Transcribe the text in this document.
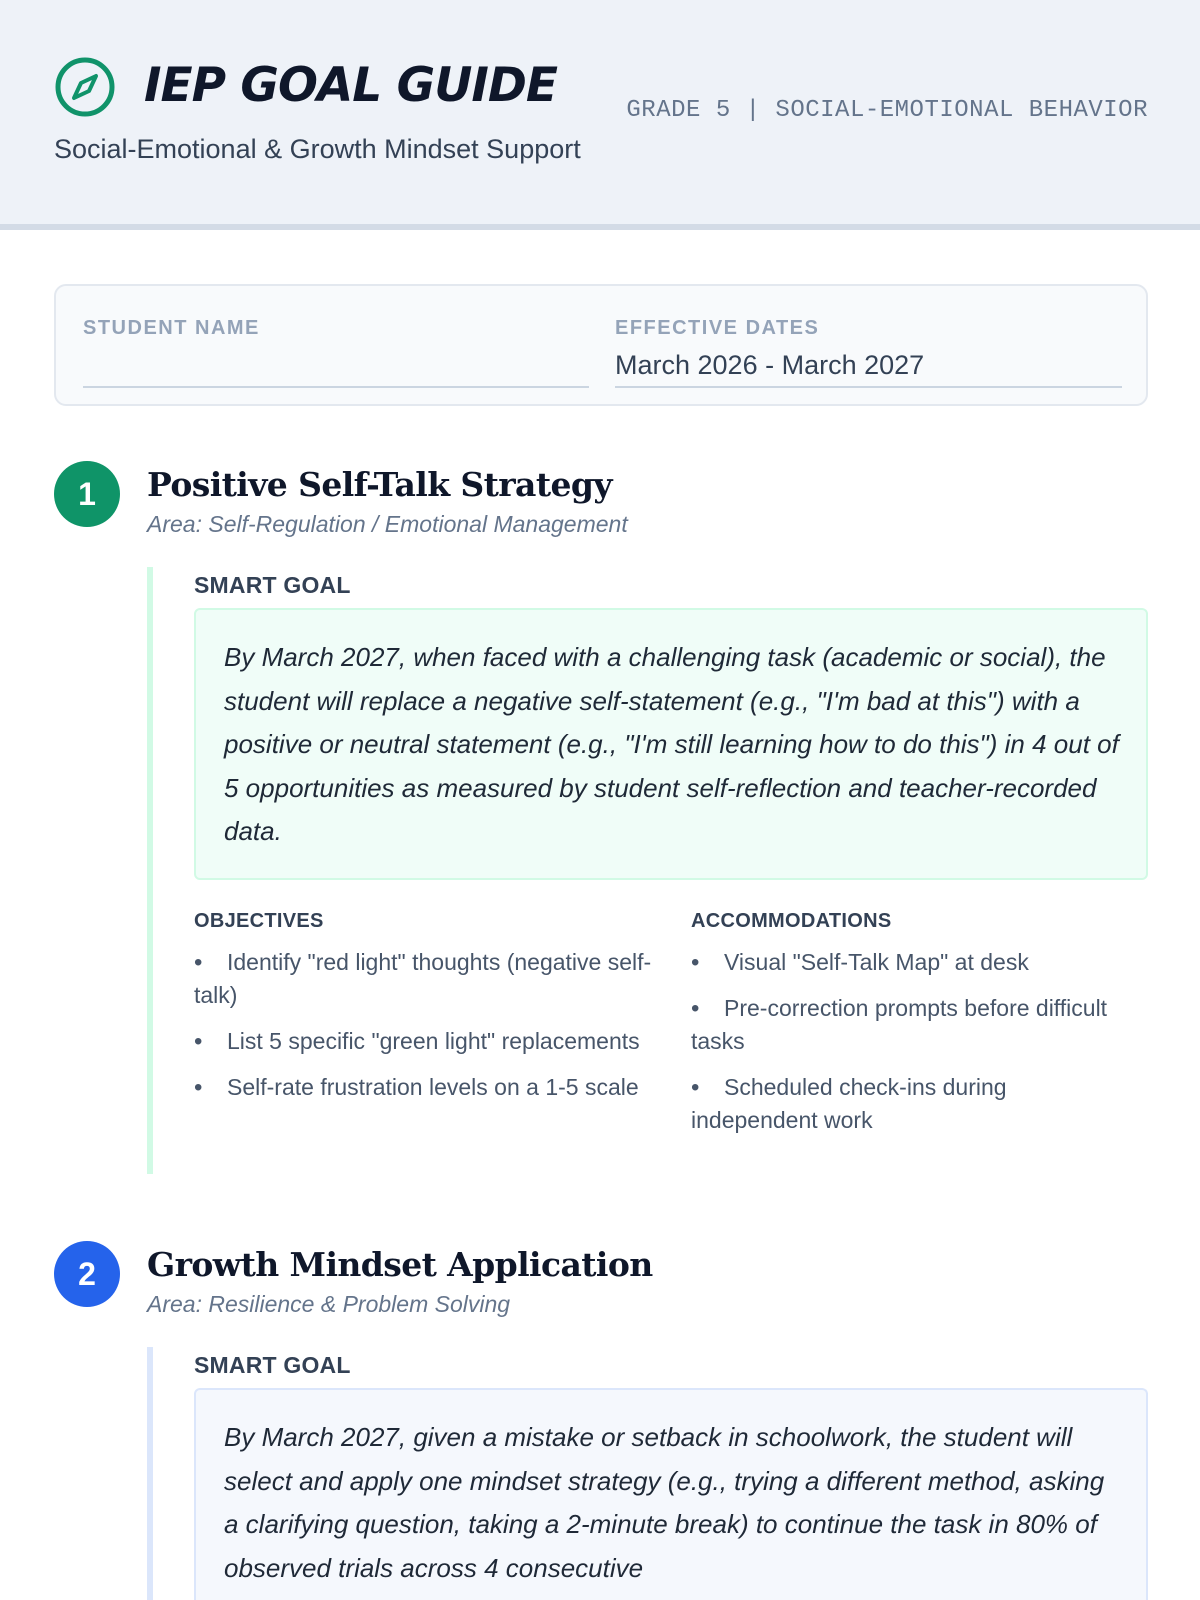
IEP GOAL GUIDE
Social-Emotional & Growth Mindset Support
GRADE 5 | SOCIAL-EMOTIONAL BEHAVIOR
STUDENT NAME	EFFECTIVE DATES
March 2026 - March 2027
1	Positive Self-Talk Strategy
Area: Self-Regulation / Emotional Management
SMART GOAL
By March 2027, when faced with a challenging task (academic or social), the student will replace a negative self-statement (e.g., "I'm bad at this") with a positive or neutral statement (e.g., "I'm still learning how to do this") in 4 out of 5 opportunities as measured by student self-reflection and teacher-recorded data.
OBJECTIVES
• Identify "red light" thoughts (negative self-talk)
• List 5 specific "green light" replacements
• Self-rate frustration levels on a 1-5 scale
ACCOMMODATIONS
• Visual "Self-Talk Map" at desk
• Pre-correction prompts before difficult tasks
• Scheduled check-ins during independent work
2	Growth Mindset Application
Area: Resilience & Problem Solving
SMART GOAL
By March 2027, given a mistake or setback in schoolwork, the student will select and apply one mindset strategy (e.g., trying a different method, asking a clarifying question, taking a 2-minute break) to continue the task in 80% of observed trials across 4 consecutive
